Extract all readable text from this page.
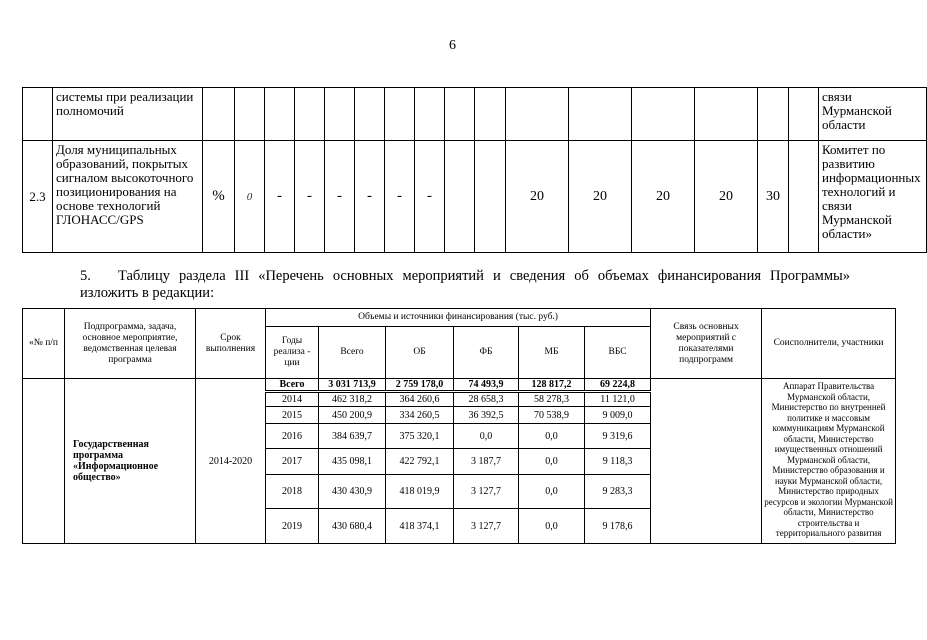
6
	системы при реализации полномочий																	связи Мурманской области
2.3	Доля муниципальных образований, покрытых сигналом высокоточного позиционирования на основе технологий ГЛОНАСС/GPS	%	0	-	-	-	-	-	-			20	20	20	20	30		Комитет по развитию информационных технологий и связи Мурманской области»
5. Таблицу раздела III «Перечень основных мероприятий и сведения об объемах финансирования Программы» изложить в редакции:
«№ п/п	Подпрограмма, задача, основное мероприятие, ведомственная целевая программа	Срок выполнения	Объемы и источники финансирования (тыс. руб.)						Связь основных мероприятий с показателями подпрограмм	Соисполнители, участники
			Годы реализа - ции	Всего	ОБ	ФБ	МБ	ВБС		
	Государственная программа «Информационное общество»	2014-2020	Всего	3 031 713,9	2 759 178,0	74 493,9	128 817,2	69 224,8		Аппарат Правительства Мурманской области, Министерство по внутренней политике и массовым коммуникациям Мурманской области, Министерство имущественных отношений Мурманской области, Министерство образования и науки Мурманской области, Министерство природных ресурсов и экологии Мурманской области, Министерство строительства и территориального развития
			2014	462 318,2	364 260,6	28 658,3	58 278,3	11 121,0		
			2015	450 200,9	334 260,5	36 392,5	70 538,9	9 009,0		
			2016	384 639,7	375 320,1	0,0	0,0	9 319,6		
			2017	435 098,1	422 792,1	3 187,7	0,0	9 118,3		
			2018	430 430,9	418 019,9	3 127,7	0,0	9 283,3		
			2019	430 680,4	418 374,1	3 127,7	0,0	9 178,6		
